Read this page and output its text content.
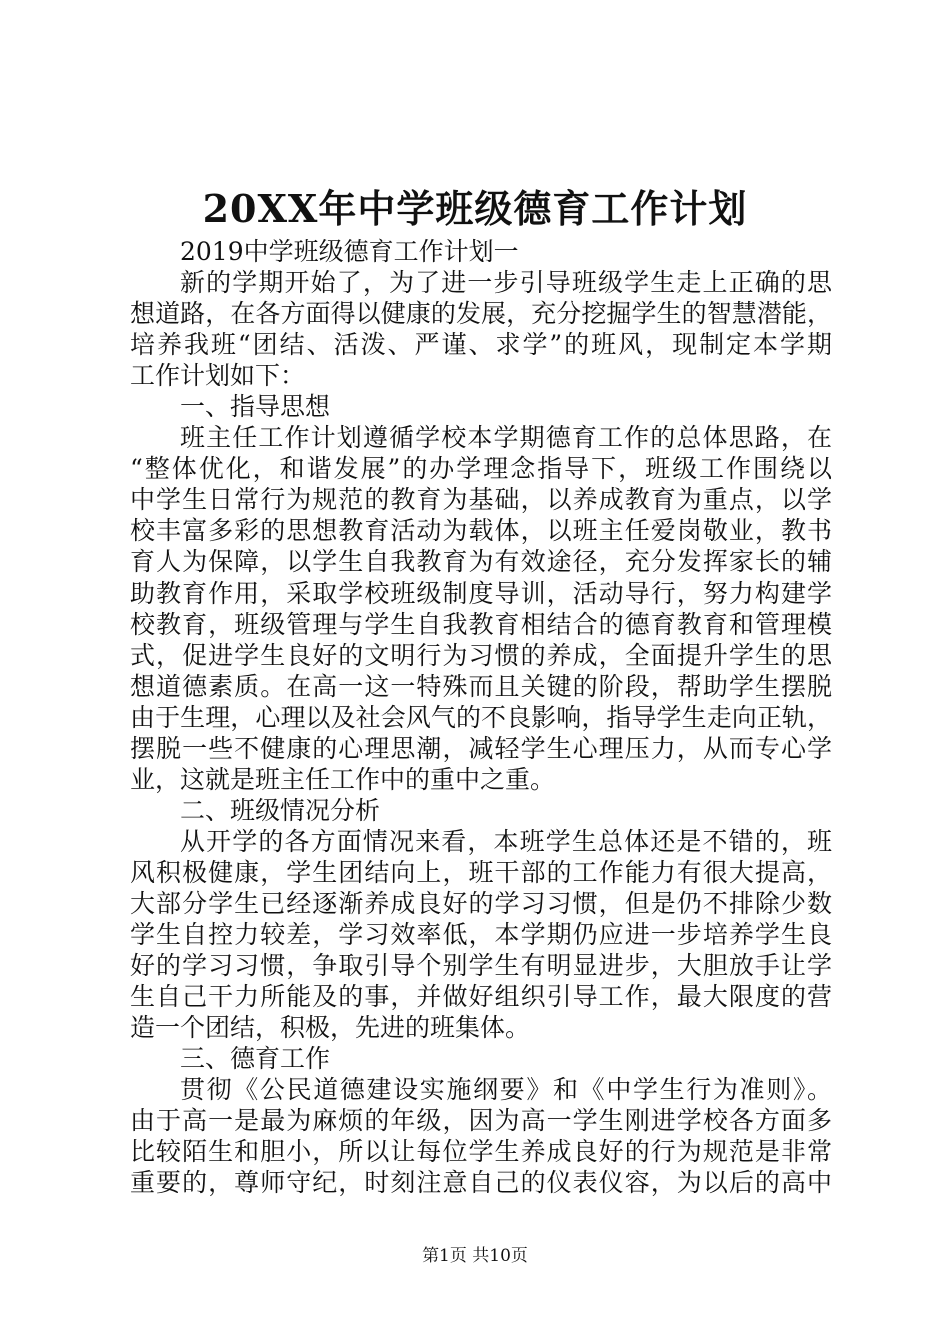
20XX年中学班级德育工作计划
2019中学班级德育工作计划一
新的学期开始了，为了进一步引导班级学生走上正确的思
想道路，在各方面得以健康的发展，充分挖掘学生的智慧潜能，
培养我班“团结、活泼、严谨、求学”的班风，现制定本学期
工作计划如下：
一、指导思想
班主任工作计划遵循学校本学期德育工作的总体思路，在
“整体优化，和谐发展”的办学理念指导下，班级工作围绕以
中学生日常行为规范的教育为基础，以养成教育为重点，以学
校丰富多彩的思想教育活动为载体，以班主任爱岗敬业，教书
育人为保障，以学生自我教育为有效途径，充分发挥家长的辅
助教育作用，采取学校班级制度导训，活动导行，努力构建学
校教育，班级管理与学生自我教育相结合的德育教育和管理模
式，促进学生良好的文明行为习惯的养成，全面提升学生的思
想道德素质。在高一这一特殊而且关键的阶段，帮助学生摆脱
由于生理，心理以及社会风气的不良影响，指导学生走向正轨，
摆脱一些不健康的心理思潮，减轻学生心理压力，从而专心学
业，这就是班主任工作中的重中之重。
二、班级情况分析
从开学的各方面情况来看，本班学生总体还是不错的，班
风积极健康，学生团结向上，班干部的工作能力有很大提高，
大部分学生已经逐渐养成良好的学习习惯，但是仍不排除少数
学生自控力较差，学习效率低，本学期仍应进一步培养学生良
好的学习习惯，争取引导个别学生有明显进步，大胆放手让学
生自己干力所能及的事，并做好组织引导工作，最大限度的营
造一个团结，积极，先进的班集体。
三、德育工作
贯彻《公民道德建设实施纲要》和《中学生行为准则》。
由于高一是最为麻烦的年级，因为高一学生刚进学校各方面多
比较陌生和胆小，所以让每位学生养成良好的行为规范是非常
重要的，尊师守纪，时刻注意自己的仪表仪容，为以后的高中
第1页 共10页
